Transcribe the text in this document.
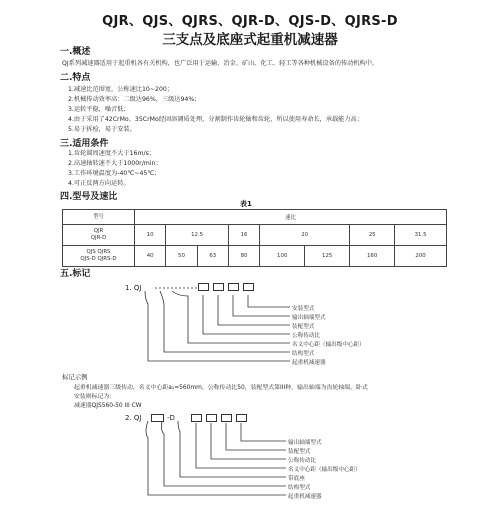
QJR、QJS、QJRS、QJR-D、QJS-D、QJRS-D
三支点及底座式起重机减速器
一.概述
QJ系列减速器适用于起重机各有关机构，也广泛用于运输、冶金、矿山、化工、轻工等各种机械设备的传动机构中。
二.特点
1.减速比范围宽，公称速比10~200；
2.机械传动效率高：二级达96%，三级达94%；
3.运转平稳，噪音低；
4.由于采用了42CrMo、35CrMo经固溶调质处理，分割制作齿轮轴和齿轮，所以使用寿命长，承载能力高；
5.易于拆检，易于安装。
三.适用条件
1.齿轮圆周速度不大于16m/s；
2.高速轴转速不大于1000r/min；
3.工作环境温度为-40℃~45℃；
4.可正反两方向运转。
四.型号及速比
表1
型号	速比							

QJR
QJR-D	10	12.5		16	20		25	31.5

QJS QJRS
QJS-D QJRS-D	40	50	63	80	100	125	160	200
五.标记
1. QJ
安装型式
输出轴端型式
装配型式
公称传动比
名义中心距（输出级中心距）
结构型式
起重机减速器
标记示例
起重机减速器三级传动，名义中心距a₁=560mm，公称传动比50，装配型式第III种，输出轴端为齿轮轴端，卧式
安装则标记为：
减速器QJS560-50 III CW
2. QJ	-D
输出轴端型式
装配型式
公称传动比
名义中心距（输出级中心距）
带底座
结构型式
起重机减速器
